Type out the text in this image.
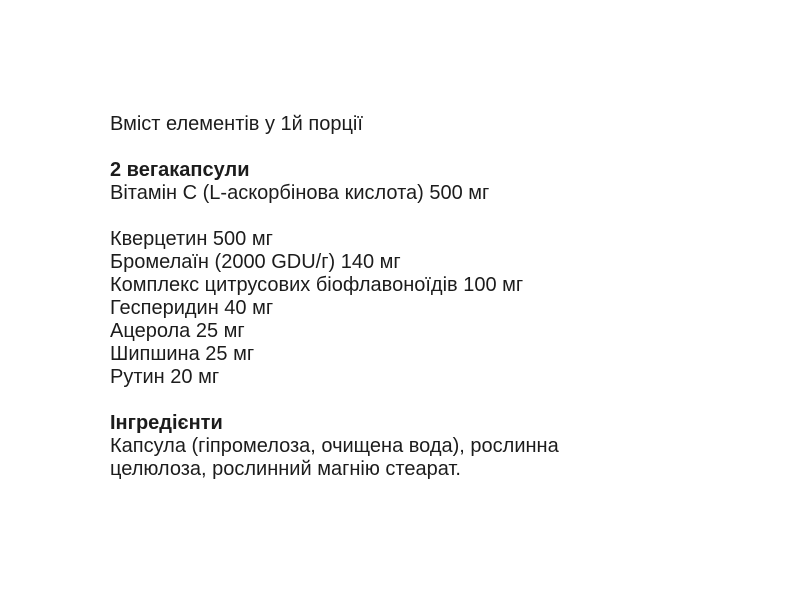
Вміст елементів у 1й порції
2 вегакапсули
Вітамін С (L-аскорбінова кислота) 500 мг
Кверцетин 500 мг
Бромелаїн (2000 GDU/г) 140 мг
Комплекс цитрусових біофлавоноїдів 100 мг
Гесперидин 40 мг
Ацерола 25 мг
Шипшина 25 мг
Рутин 20 мг
Інгредієнти
Капсула (гіпромелоза, очищена вода), рослинна
целюлоза, рослинний магнію стеарат.
